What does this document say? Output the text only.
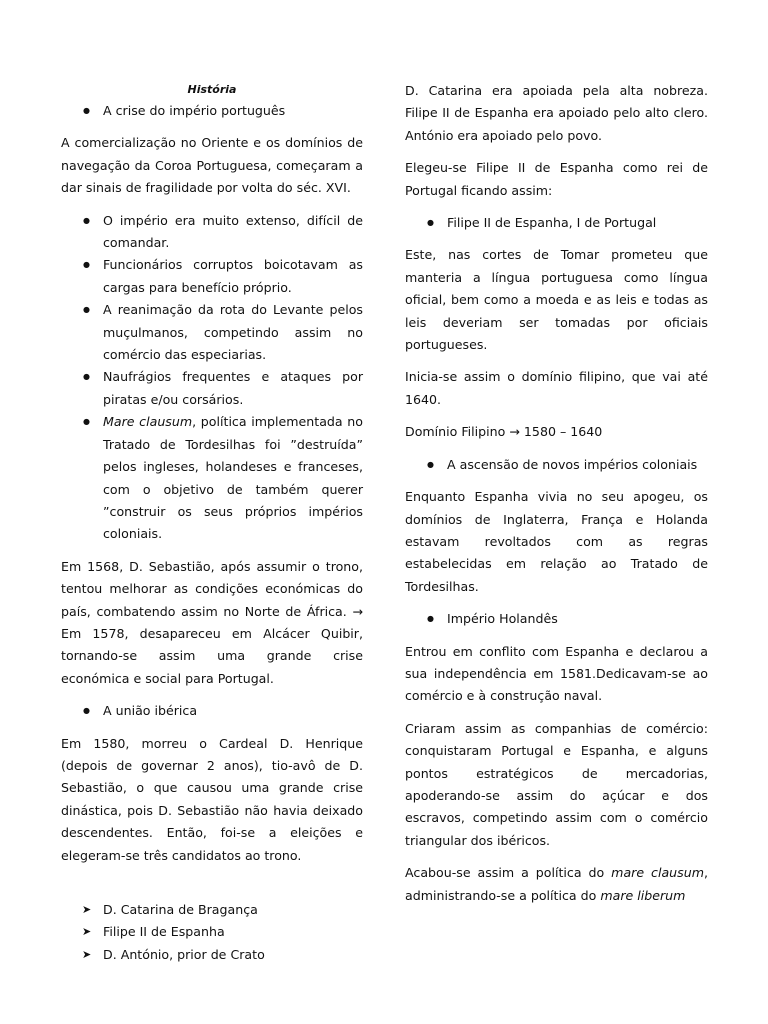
História
● A crise do império português

A comercialização no Oriente e os domínios de navegação da Coroa Portuguesa, começaram a dar sinais de fragilidade por volta do séc. XVI.

● O império era muito extenso, difícil de comandar.
● Funcionários corruptos boicotavam as cargas para benefício próprio.
● A reanimação da rota do Levante pelos muçulmanos, competindo assim no comércio das especiarias.
● Naufrágios frequentes e ataques por piratas e/ou corsários.
● Mare clausum, política implementada no Tratado de Tordesilhas foi ”destruída” pelos ingleses, holandeses e franceses, com o objetivo de também querer ”construir os seus próprios impérios coloniais.

Em 1568, D. Sebastião, após assumir o trono, tentou melhorar as condições económicas do país, combatendo assim no Norte de África. → Em 1578, desapareceu em Alcácer Quibir, tornando-se assim uma grande crise económica e social para Portugal.

● A união ibérica

Em 1580, morreu o Cardeal D. Henrique (depois de governar 2 anos), tio-avô de D. Sebastião, o que causou uma grande crise dinástica, pois D. Sebastião não havia deixado descendentes. Então, foi-se a eleições e elegeram-se três candidatos ao trono.

➤ D. Catarina de Bragança
➤ Filipe II de Espanha
➤ D. António, prior de Crato

D. Catarina era apoiada pela alta nobreza. Filipe II de Espanha era apoiado pelo alto clero. António era apoiado pelo povo.

Elegeu-se Filipe II de Espanha como rei de Portugal ficando assim:

● Filipe II de Espanha, I de Portugal

Este, nas cortes de Tomar prometeu que manteria a língua portuguesa como língua oficial, bem como a moeda e as leis e todas as leis deveriam ser tomadas por oficiais portugueses.

Inicia-se assim o domínio filipino, que vai até 1640.

Domínio Filipino → 1580 – 1640

● A ascensão de novos impérios coloniais

Enquanto Espanha vivia no seu apogeu, os domínios de Inglaterra, França e Holanda estavam revoltados com as regras estabelecidas em relação ao Tratado de Tordesilhas.

● Império Holandês

Entrou em conflito com Espanha e declarou a sua independência em 1581.Dedicavam-se ao comércio e à construção naval.

Criaram assim as companhias de comércio: conquistaram Portugal e Espanha, e alguns pontos estratégicos de mercadorias, apoderando-se assim do açúcar e dos escravos, competindo assim com o comércio triangular dos ibéricos.

Acabou-se assim a política do mare clausum, administrando-se a política do mare liberum
